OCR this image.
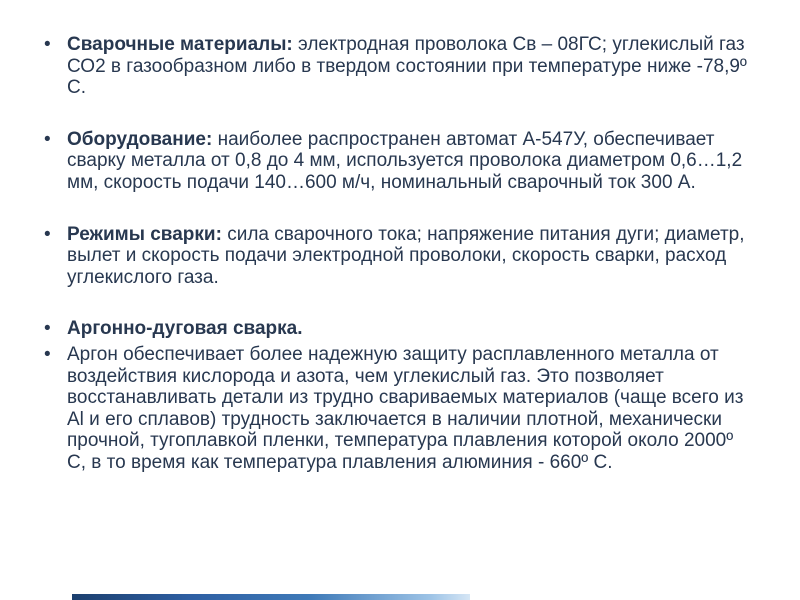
• Сварочные материалы: электродная проволока Св – 08ГС; углекислый газ СО2 в газообразном либо в твердом состоянии при температуре ниже -78,9º С.
• Оборудование: наиболее распространен автомат А-547У, обеспечивает сварку металла от 0,8 до 4 мм, используется проволока диаметром 0,6…1,2 мм, скорость подачи 140…600 м/ч, номинальный сварочный ток 300 А.
• Режимы сварки: сила сварочного тока; напряжение питания дуги; диаметр, вылет и скорость подачи электродной проволоки, скорость сварки, расход углекислого газа.
• Аргонно-дуговая сварка.
• Аргон обеспечивает более надежную защиту расплавленного металла от воздействия кислорода и азота, чем углекислый газ. Это позволяет восстанавливать детали из трудно свариваемых материалов (чаще всего из Al и его сплавов) трудность заключается в наличии плотной, механически прочной, тугоплавкой пленки, температура плавления которой около 2000º С, в то время как температура плавления алюминия - 660º С.
